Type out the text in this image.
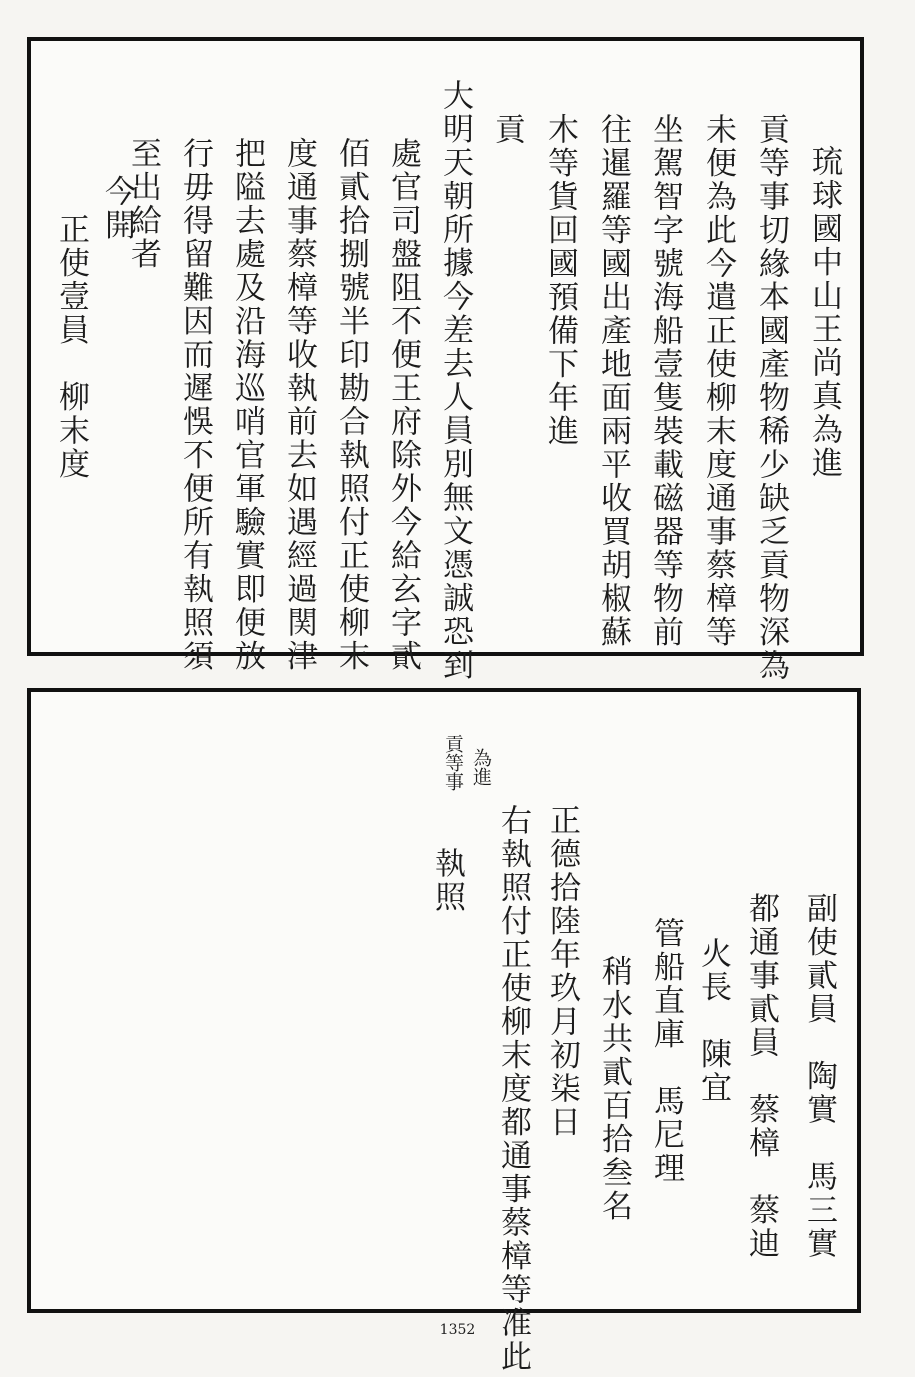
琉球國中山王尚真為進
貢等事切緣本國產物稀少缺乏貢物深為
未便為此今遣正使柳末度通事蔡樟等
坐駕智字號海船壹隻裝載磁器等物前
往暹羅等國出產地面兩平收買胡椒蘇
木等貨回國預備下年進
貢
大明天朝所據今差去人員別無文憑誠恐到
處官司盤阻不便王府除外今給玄字貳
佰貳拾捌號半印勘合執照付正使柳末
度通事蔡樟等收執前去如遇經過関津
把隘去處及沿海巡哨官軍驗實即便放
行毋得留難因而遲悞不便所有執照須
至出給者
今開
正使壹員　柳末度
副使貳員　陶實　馬三實
都通事貳員　蔡樟　蔡迪
火長　陳宜
管船直庫　馬尼理
稍水共貳百拾叁名
正德拾陸年玖月初柒日
右執照付正使柳末度都通事蔡樟等准此
執照
為進
貢等事
1352
